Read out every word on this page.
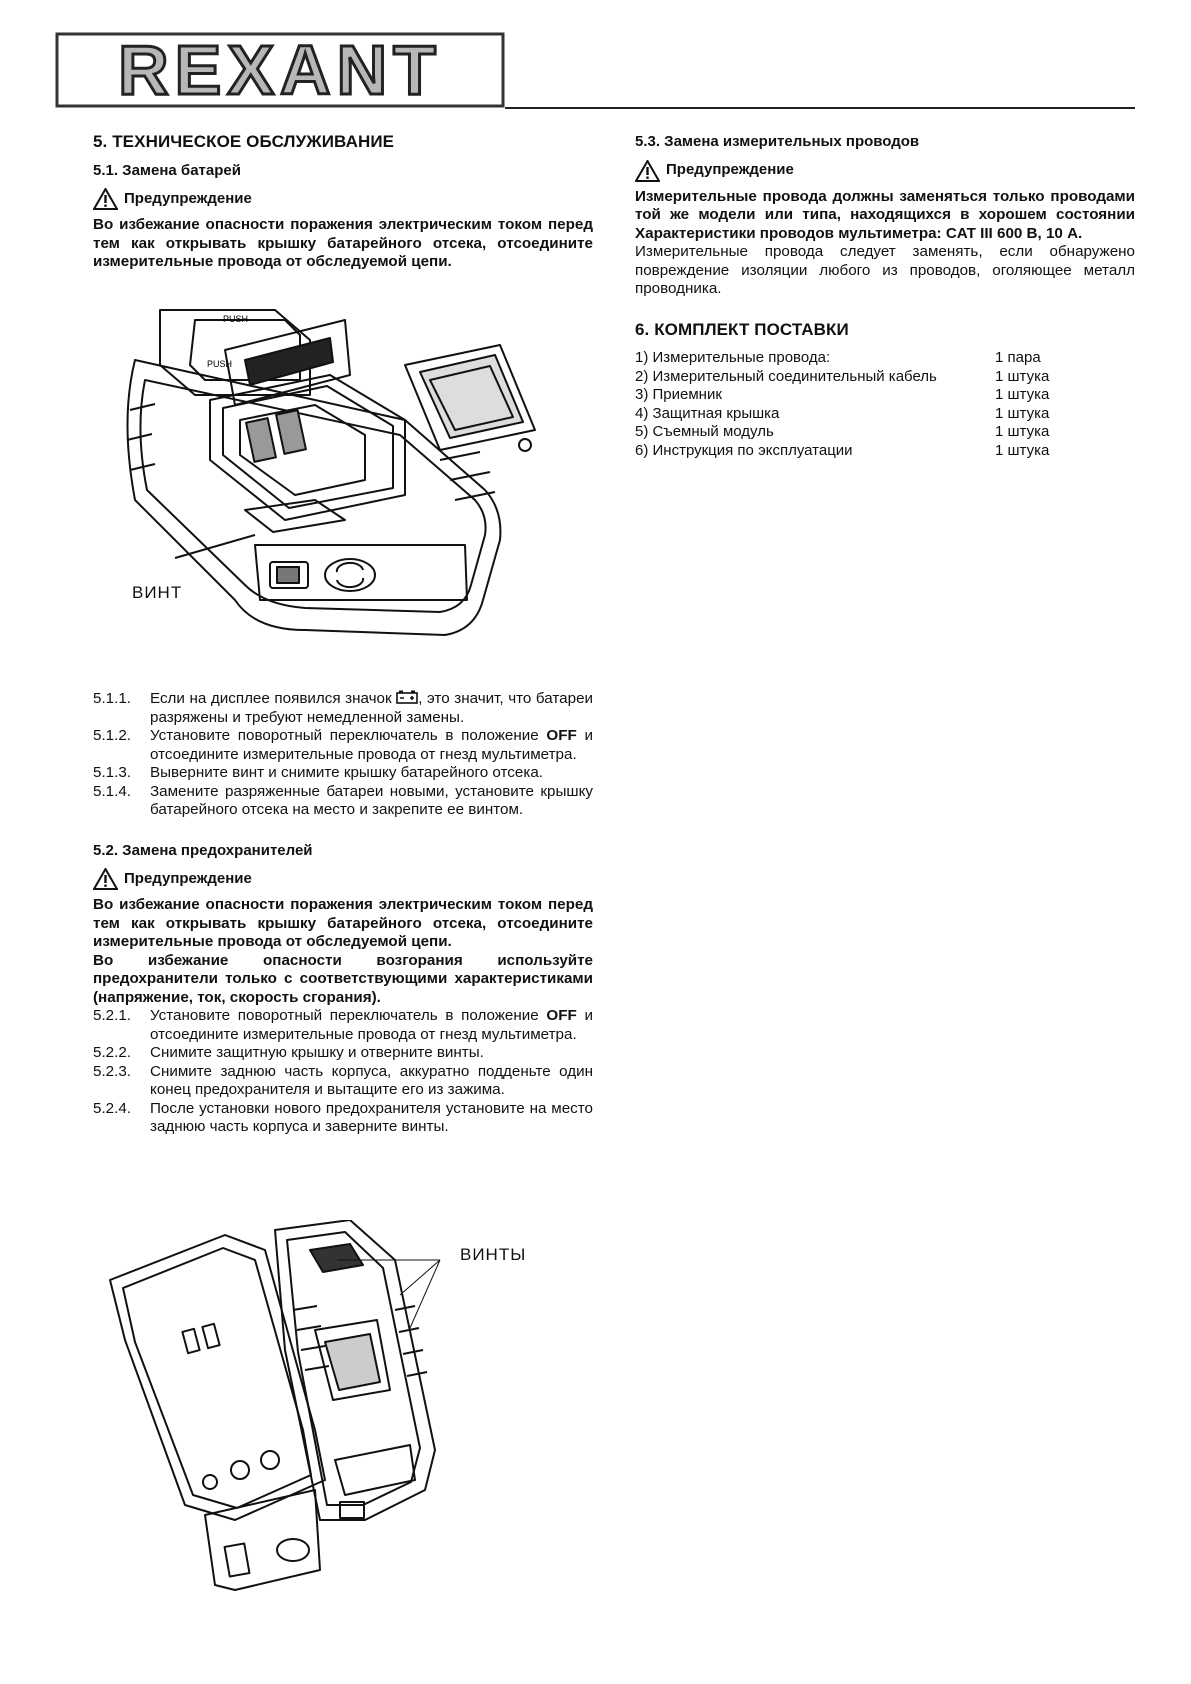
REXANT
5. ТЕХНИЧЕСКОЕ ОБСЛУЖИВАНИЕ
5.1. Замена батарей
Предупреждение

Во избежание опасности поражения электрическим током перед тем как открывать крышку батарейного отсека, отсоедините измерительные провода от обследуемой цепи.

PUSH
PUSH
ВИНТ
5.1.1.	Если на дисплее появился значок , это значит, что батареи разряжены и требуют немедленной замены.
5.1.2.	Установите поворотный переключатель в положение OFF и отсоедините измерительные провода от гнезд мультиметра.
5.1.3.	Выверните винт и снимите крышку батарейного отсека.
5.1.4.	Замените разряженные батареи новыми, установите крышку батарейного отсека на место и закрепите ее винтом.
5.2. Замена предохранителей
Предупреждение

Во избежание опасности поражения электрическим током перед тем как открывать крышку батарейного отсека, отсоедините измерительные провода от обследуемой цепи.

Во избежание опасности возгорания используйте предохранители только с соответствующими характеристиками (напряжение, ток, скорость сгорания).

5.2.1.	Установите поворотный переключатель в положение OFF и отсоедините измерительные провода от гнезд мультиметра.
5.2.2.	Снимите защитную крышку и отверните винты.
5.2.3.	Снимите заднюю часть корпуса, аккуратно подденьте один конец предохранителя и вытащите его из зажима.
5.2.4.	После установки нового предохранителя установите на место заднюю часть корпуса и заверните винты.
ВИНТЫ
5.3. Замена измерительных проводов
Предупреждение

Измерительные провода должны заменяться только проводами той же модели или типа, находящихся в хорошем состоянии Характеристики проводов мультиметра: CAT III 600 В, 10 А.

Измерительные провода следует заменять, если обнаружено повреждение изоляции любого из проводов, оголяющее металл проводника.

6. КОМПЛЕКТ ПОСТАВКИ
1) Измерительные провода:	1 пара
2) Измерительный соединительный кабель	1 штука
3) Приемник	1 штука
4) Защитная крышка	1 штука
5) Съемный модуль	1 штука
6) Инструкция по эксплуатации	1 штука
